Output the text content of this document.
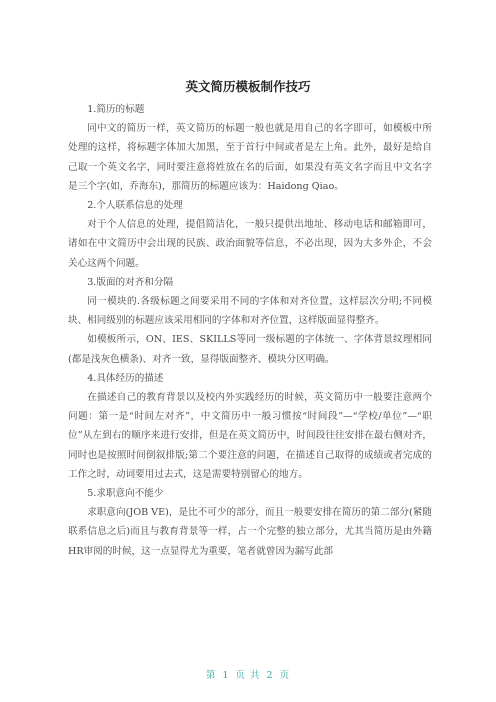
英文简历模板制作技巧

1.简历的标题

同中文的简历一样，英文简历的标题一般也就是用自己的名字即可，如模板中所处理的这样，将标题字体加大加黑，至于首行中间或者是左上角。此外，最好是给自己取一个英文名字，同时要注意将姓放在名的后面，如果没有英文名字而且中文名字是三个字(如，乔海东)，那简历的标题应该为：Haidong Qiao。

2.个人联系信息的处理

对于个人信息的处理，提倡简洁化，一般只提供出地址、移动电话和邮箱即可，诸如在中文简历中会出现的民族、政治面貌等信息，不必出现，因为大多外企，不会关心这两个问题。

3.版面的对齐和分隔

同一模块的.各级标题之间要采用不同的字体和对齐位置，这样层次分明;不同模块、相同级别的标题应该采用相同的字体和对齐位置，这样版面显得整齐。

如模板所示，ON、IES、SKILLS等同一级标题的字体统一、字体背景纹理相同(都是浅灰色横条)、对齐一致，显得版面整齐、模块分区明确。

4.具体经历的描述

在描述自己的教育背景以及校内外实践经历的时候，英文简历中一般要注意两个问题：第一是“时间左对齐”，中文简历中一般习惯按“时间段”—“学校/单位”—“职位”从左到右的顺序来进行安排，但是在英文简历中，时间段往往安排在最右侧对齐，同时也是按照时间倒叙排版;第二个要注意的问题，在描述自己取得的成绩或者完成的工作之时，动词要用过去式，这是需要特别留心的地方。

5.求职意向不能少

求职意向(JOB VE)，是比不可少的部分，而且一般要安排在简历的第二部分(紧随联系信息之后)而且与教育背景等一样，占一个完整的独立部分，尤其当简历是由外籍HR审阅的时候，这一点显得尤为重要，笔者就曾因为漏写此部

第 1 页 共 2 页
